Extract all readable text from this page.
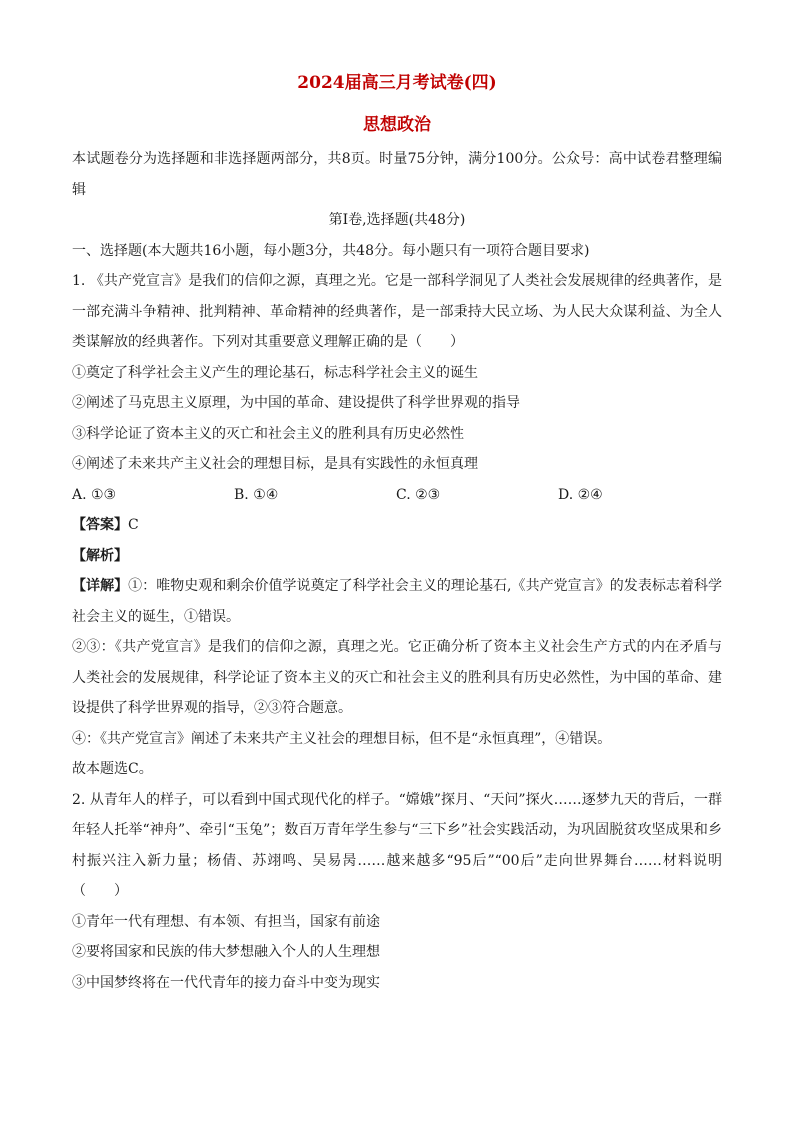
2024届高三月考试卷(四)
思想政治

本试题卷分为选择题和非选择题两部分，共8页。时量75分钟，满分100分。公众号：高中试卷君整理编辑

第Ⅰ卷,选择题(共48分)

一、选择题(本大题共16小题，每小题3分，共48分。每小题只有一项符合题目要求)

1. 《共产党宣言》是我们的信仰之源，真理之光。它是一部科学洞见了人类社会发展规律的经典著作，是一部充满斗争精神、批判精神、革命精神的经典著作，是一部秉持大民立场、为人民大众谋利益、为全人类谋解放的经典著作。下列对其重要意义理解正确的是（　　）

①奠定了科学社会主义产生的理论基石，标志科学社会主义的诞生

②阐述了马克思主义原理，为中国的革命、建设提供了科学世界观的指导

③科学论证了资本主义的灭亡和社会主义的胜利具有历史必然性

④阐述了未来共产主义社会的理想目标，是具有实践性的永恒真理

A. ①③	B. ①④	C. ②③	D. ②④

【答案】C

【解析】

【详解】①：唯物史观和剩余价值学说奠定了科学社会主义的理论基石,《共产党宣言》的发表标志着科学社会主义的诞生，①错误。

②③：《共产党宣言》是我们的信仰之源，真理之光。它正确分析了资本主义社会生产方式的内在矛盾与人类社会的发展规律，科学论证了资本主义的灭亡和社会主义的胜利具有历史必然性，为中国的革命、建设提供了科学世界观的指导，②③符合题意。

④：《共产党宣言》阐述了未来共产主义社会的理想目标，但不是“永恒真理”，④错误。

故本题选C。

2. 从青年人的样子，可以看到中国式现代化的样子。“嫦娥”探月、“天问”探火……逐梦九天的背后，一群年轻人托举“神舟”、牵引“玉兔”；数百万青年学生参与“三下乡”社会实践活动，为巩固脱贫攻坚成果和乡村振兴注入新力量；杨倩、苏翊鸣、吴易昺……越来越多“95后”“00后”走向世界舞台……材料说明（　　）

①青年一代有理想、有本领、有担当，国家有前途

②要将国家和民族的伟大梦想融入个人的人生理想

③中国梦终将在一代代青年的接力奋斗中变为现实
